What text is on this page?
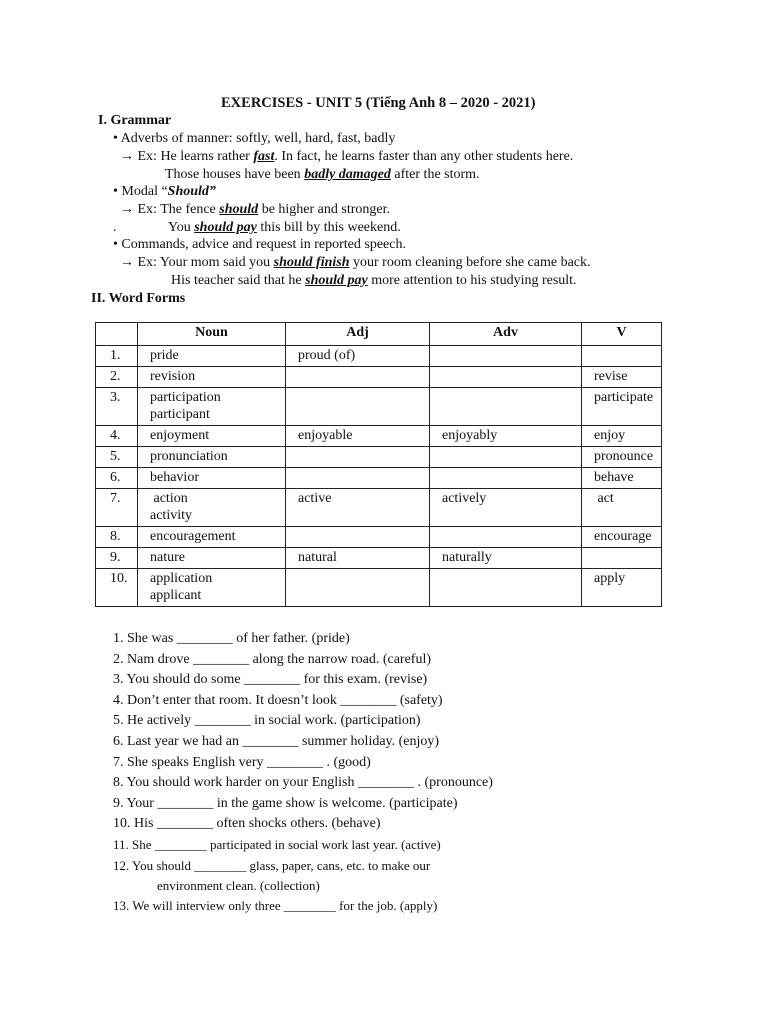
EXERCISES - UNIT 5 (Tiếng Anh 8 – 2020 - 2021)
I. Grammar
• Adverbs of manner: softly, well, hard, fast, badly
→ Ex: He learns rather fast. In fact, he learns faster than any other students here.
Those houses have been badly damaged after the storm.
• Modal “Should”
→ Ex: The fence should be higher and stronger.
.	You should pay this bill by this weekend.
• Commands, advice and request in reported speech.
→ Ex: Your mom said you should finish your room cleaning before she came back.
His teacher said that he should pay more attention to his studying result.
II. Word Forms
	Noun	Adj	Adv	V
1.	pride	proud (of)		
2.	revision			revise
3.	participation
participant			participate
4.	enjoyment	enjoyable	enjoyably	enjoy
5.	pronunciation			pronounce
6.	behavior			behave
7.	action
activity	active	actively	act
8.	encouragement			encourage
9.	nature	natural	naturally	
10.	application
applicant			apply
1. She was ________ of her father. (pride)
2. Nam drove ________ along the narrow road. (careful)
3. You should do some ________ for this exam. (revise)
4. Don’t enter that room. It doesn’t look ________ (safety)
5. He actively ________ in social work. (participation)
6. Last year we had an ________ summer holiday. (enjoy)
7. She speaks English very ________ . (good)
8. You should work harder on your English ________ . (pronounce)
9. Your ________ in the game show is welcome. (participate)
10. His ________ often shocks others. (behave)
11. She ________ participated in social work last year. (active)
12. You should ________ glass, paper, cans, etc. to make our
environment clean. (collection)
13. We will interview only three ________ for the job. (apply)
